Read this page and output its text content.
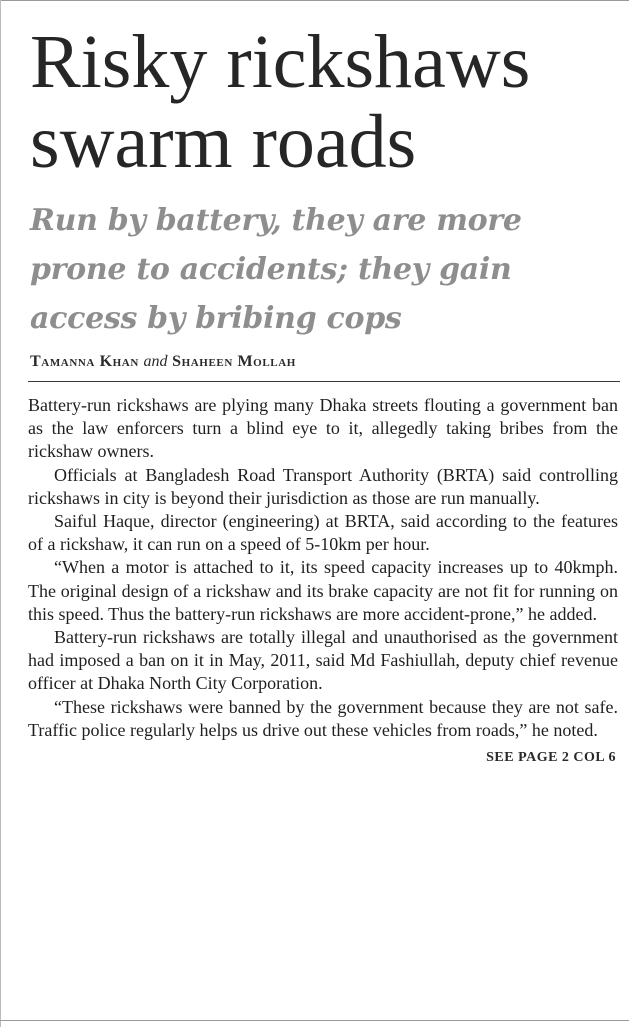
Risky rickshaws swarm roads
Run by battery, they are more prone to accidents; they gain access by bribing cops
Tamanna Khan and Shaheen Mollah

Battery-run rickshaws are plying many Dhaka streets flouting a government ban as the law enforcers turn a blind eye to it, allegedly taking bribes from the rickshaw owners.

Officials at Bangladesh Road Transport Authority (BRTA) said controlling rickshaws in city is beyond their jurisdiction as those are run manually.

Saiful Haque, director (engineering) at BRTA, said according to the features of a rickshaw, it can run on a speed of 5-10km per hour.

“When a motor is attached to it, its speed capacity increases up to 40kmph. The original design of a rickshaw and its brake capacity are not fit for running on this speed. Thus the battery-run rickshaws are more accident-prone,” he added.

Battery-run rickshaws are totally illegal and unauthorised as the government had imposed a ban on it in May, 2011, said Md Fashiullah, deputy chief revenue officer at Dhaka North City Corporation.

“These rickshaws were banned by the government because they are not safe. Traffic police regularly helps us drive out these vehicles from roads,” he noted.

SEE PAGE 2 COL 6
